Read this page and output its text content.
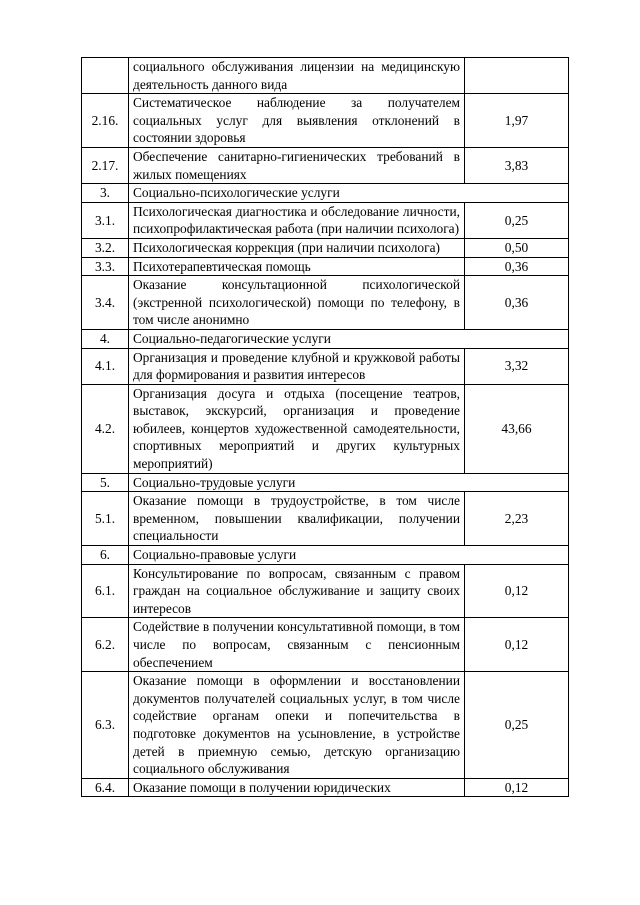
	социального обслуживания лицензии на медицинскую деятельность данного вида	
2.16.	Систематическое наблюдение за получателем социальных услуг для выявления отклонений в состоянии здоровья	1,97
2.17.	Обеспечение санитарно-гигиенических требований в жилых помещениях	3,83
3.	Социально-психологические услуги	
3.1.	Психологическая диагностика и обследование личности, психопрофилактическая работа (при наличии психолога)	0,25
3.2.	Психологическая коррекция (при наличии психолога)	0,50
3.3.	Психотерапевтическая помощь	0,36
3.4.	Оказание консультационной психологической (экстренной психологической) помощи по телефону, в том числе анонимно	0,36
4.	Социально-педагогические услуги	
4.1.	Организация и проведение клубной и кружковой работы для формирования и развития интересов	3,32
4.2.	Организация досуга и отдыха (посещение театров, выставок, экскурсий, организация и проведение юбилеев, концертов художественной самодеятельности, спортивных мероприятий и других культурных мероприятий)	43,66
5.	Социально-трудовые услуги	
5.1.	Оказание помощи в трудоустройстве, в том числе временном, повышении квалификации, получении специальности	2,23
6.	Социально-правовые услуги	
6.1.	Консультирование по вопросам, связанным с правом граждан на социальное обслуживание и защиту своих интересов	0,12
6.2.	Содействие в получении консультативной помощи, в том числе по вопросам, связанным с пенсионным обеспечением	0,12
6.3.	Оказание помощи в оформлении и восстановлении документов получателей социальных услуг, в том числе содействие органам опеки и попечительства в подготовке документов на усыновление, в устройстве детей в приемную семью, детскую организацию социального обслуживания	0,25
6.4.	Оказание помощи в получении юридических	0,12
